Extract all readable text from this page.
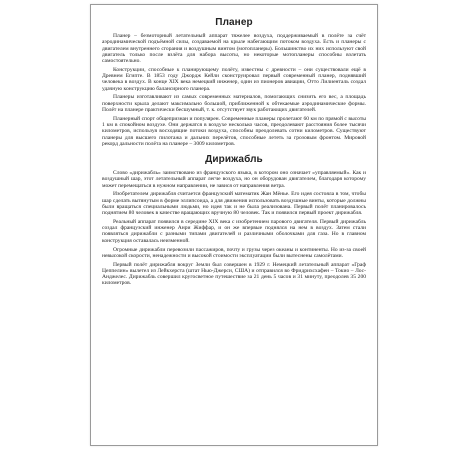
Планер

Планер – безмоторный летательный аппарат тяжелее воздуха, поддерживаемый в полёте за счёт аэродинамической подъёмной силы, создаваемой на крыле набегающим потоком воздуха. Есть и планеры с двигателем внутреннего сгорания и воздушным винтом (мотопланеры). Большинство их них используют свой двигатель только после взлёта для набора высоты, но некоторые мотопланеры способны взлетать самостоятельно.

Конструкции, способные к планирующему полёту, известны с древности – они существовали ещё в Древнем Египте. В 1853 году Джордж Кейли сконструировал первый современный планер, поднявший человека в воздух. В конце XIX века немецкий инженер, один из пионеров авиации, Отто Лилиенталь создал удачную конструкцию балансирного планера.

Планеры изготавливают из самых современных материалов, помогающих снизить его вес, а площадь поверхности крыла делают максимально большой, приближенной к обтекаемые аэродинамические формы. Полёт на планере практически бесшумный, т. к. отсутствует звук работающих двигателей.

Планерный спорт общепризнан и популярен. Современные планеры пролетают 60 км по прямой с высоты 1 км в спокойном воздухе. Они держатся в воздухе несколько часов, преодолевают расстояния более тысячи километров, используя восходящие потоки воздуха, способны преодолевать сотни километров. Существуют планеры для высшего пилотажа и дальних перелётов, способные лететь за грозовым фронтом. Мировой рекорд дальности полёта на планере – 3009 километров.

Дирижабль

Слово «дирижабль» заимствовано из французского языка, в котором оно означает «управляемый». Как и воздушный шар, этот летательный аппарат легче воздуха, но он оборудован двигателем, благодаря которому может перемещаться в нужном направлении, не завися от направления ветра.

Изобретателем дирижабля считается французский математик Жан Мёнье. Его идея состояла в том, чтобы шар сделать вытянутым в форме эллипсоида, а для движения использовать воздушные винты, которые должны были вращаться специальными людьми, но идея так и не была реализована. Первый полёт планировалось поднятием 80 человек в качестве вращающих вручную 80 человек. Так и появился первый проект дирижабля.

Реальный аппарат появился в середине XIX века с изобретением парового двигателя. Первый дирижабль создал французский инженер Анри Жиффар, и он же впервые поднялся на нем в воздух. Затем стали появляться дирижабли с разными типами двигателей и различными оболочками для газа. Но в главном конструкция оставалась неизменной.

Огромные дирижабли перевозили пассажиров, почту и грузы через океаны и континенты. Но из-за своей невысокой скорости, ненадежности и высокой стоимости эксплуатации были вытеснены самолётами.

Первый полёт дирижабля вокруг Земли был совершен в 1929 г. Немецкий летательный аппарат «Граф Цеппелин» вылетел из Лейкхерста (штат Нью-Джерси, США) и отправился во Фридрихсхафен – Токио – Лос-Анджелес. Дирижабль совершил кругосветное путешествие за 21 день 5 часов и 31 минуту, преодолев 35 200 километров.
